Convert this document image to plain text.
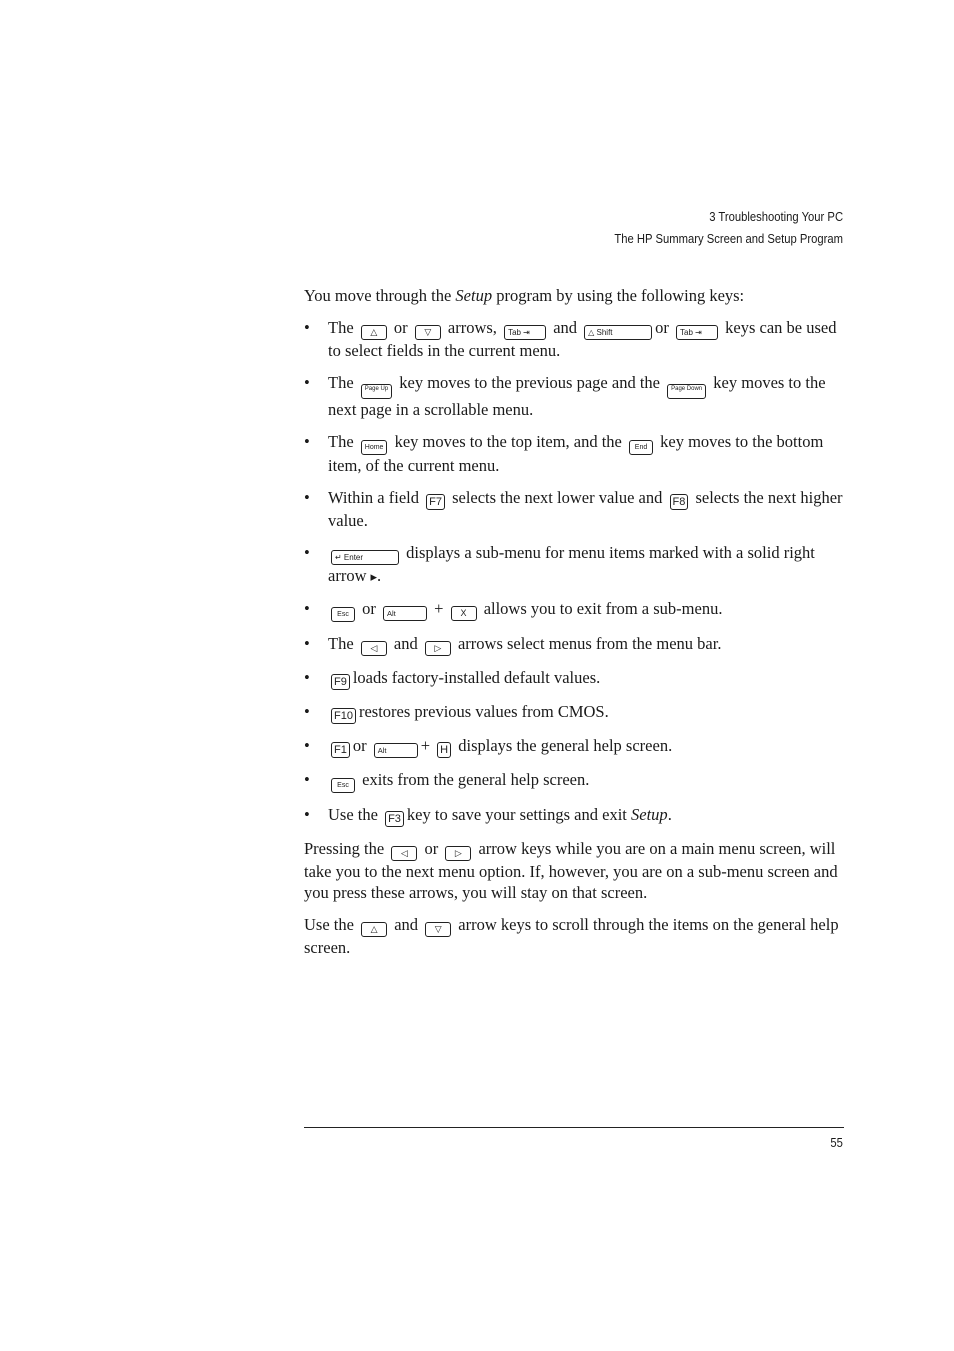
3 Troubleshooting Your PC
The HP Summary Screen and Setup Program

You move through the Setup program by using the following keys:

• The △ or ▽ arrows, Tab ⇥ and △ Shift	or Tab ⇥ keys can be used to select fields in the current menu.
• The Page Up key moves to the previous page and the Page Down key moves to the next page in a scrollable menu.
• The Home key moves to the top item, and the End key moves to the bottom item, of the current menu.
• Within a field F7 selects the next lower value and F8 selects the next higher value.
• ↵ Enter	displays a sub-menu for menu items marked with a solid right arrow ▸.
• Esc or Alt + X allows you to exit from a sub-menu.
• The ◁ and ▷ arrows select menus from the menu bar.
• F9 loads factory-installed default values.
• F10 restores previous values from CMOS.
• F1 or Alt + H displays the general help screen.
• Esc exits from the general help screen.
• Use the F3 key to save your settings and exit Setup.

Pressing the ◁ or ▷ arrow keys while you are on a main menu screen, will take you to the next menu option. If, however, you are on a sub-menu screen and you press these arrows, you will stay on that screen.

Use the △ and ▽ arrow keys to scroll through the items on the general help screen.

55
